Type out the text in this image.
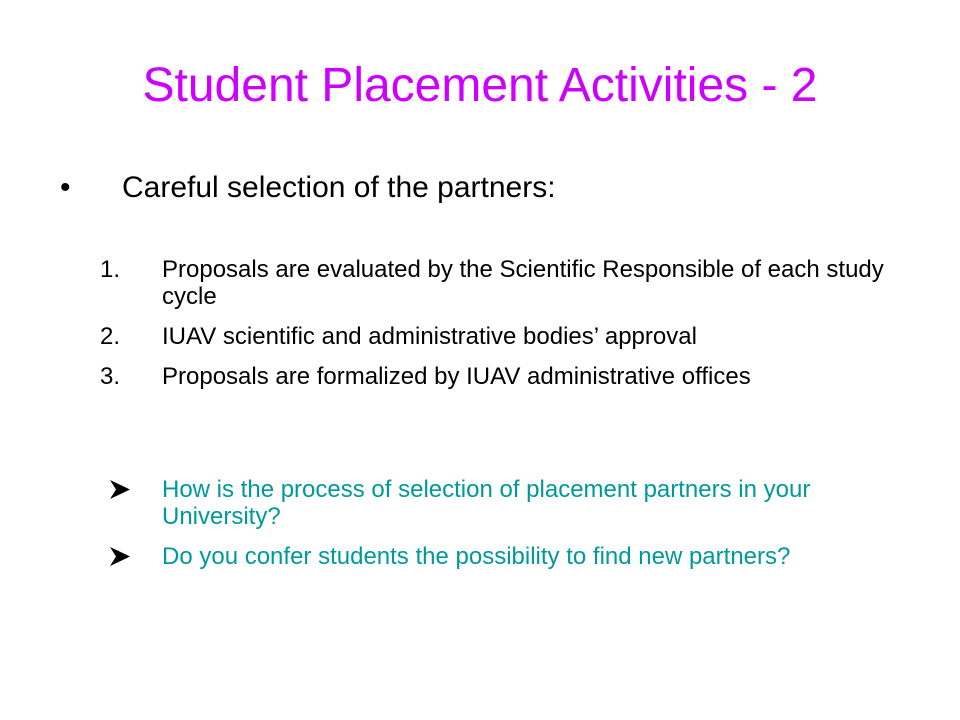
Student Placement Activities - 2
• Careful selection of the partners:
1.	Proposals are evaluated by the Scientific Responsible of each study cycle
2.	IUAV scientific and administrative bodies’ approval
3.	Proposals are formalized by IUAV administrative offices
How is the process of selection of placement partners in your University?
Do you confer students the possibility to find new partners?
